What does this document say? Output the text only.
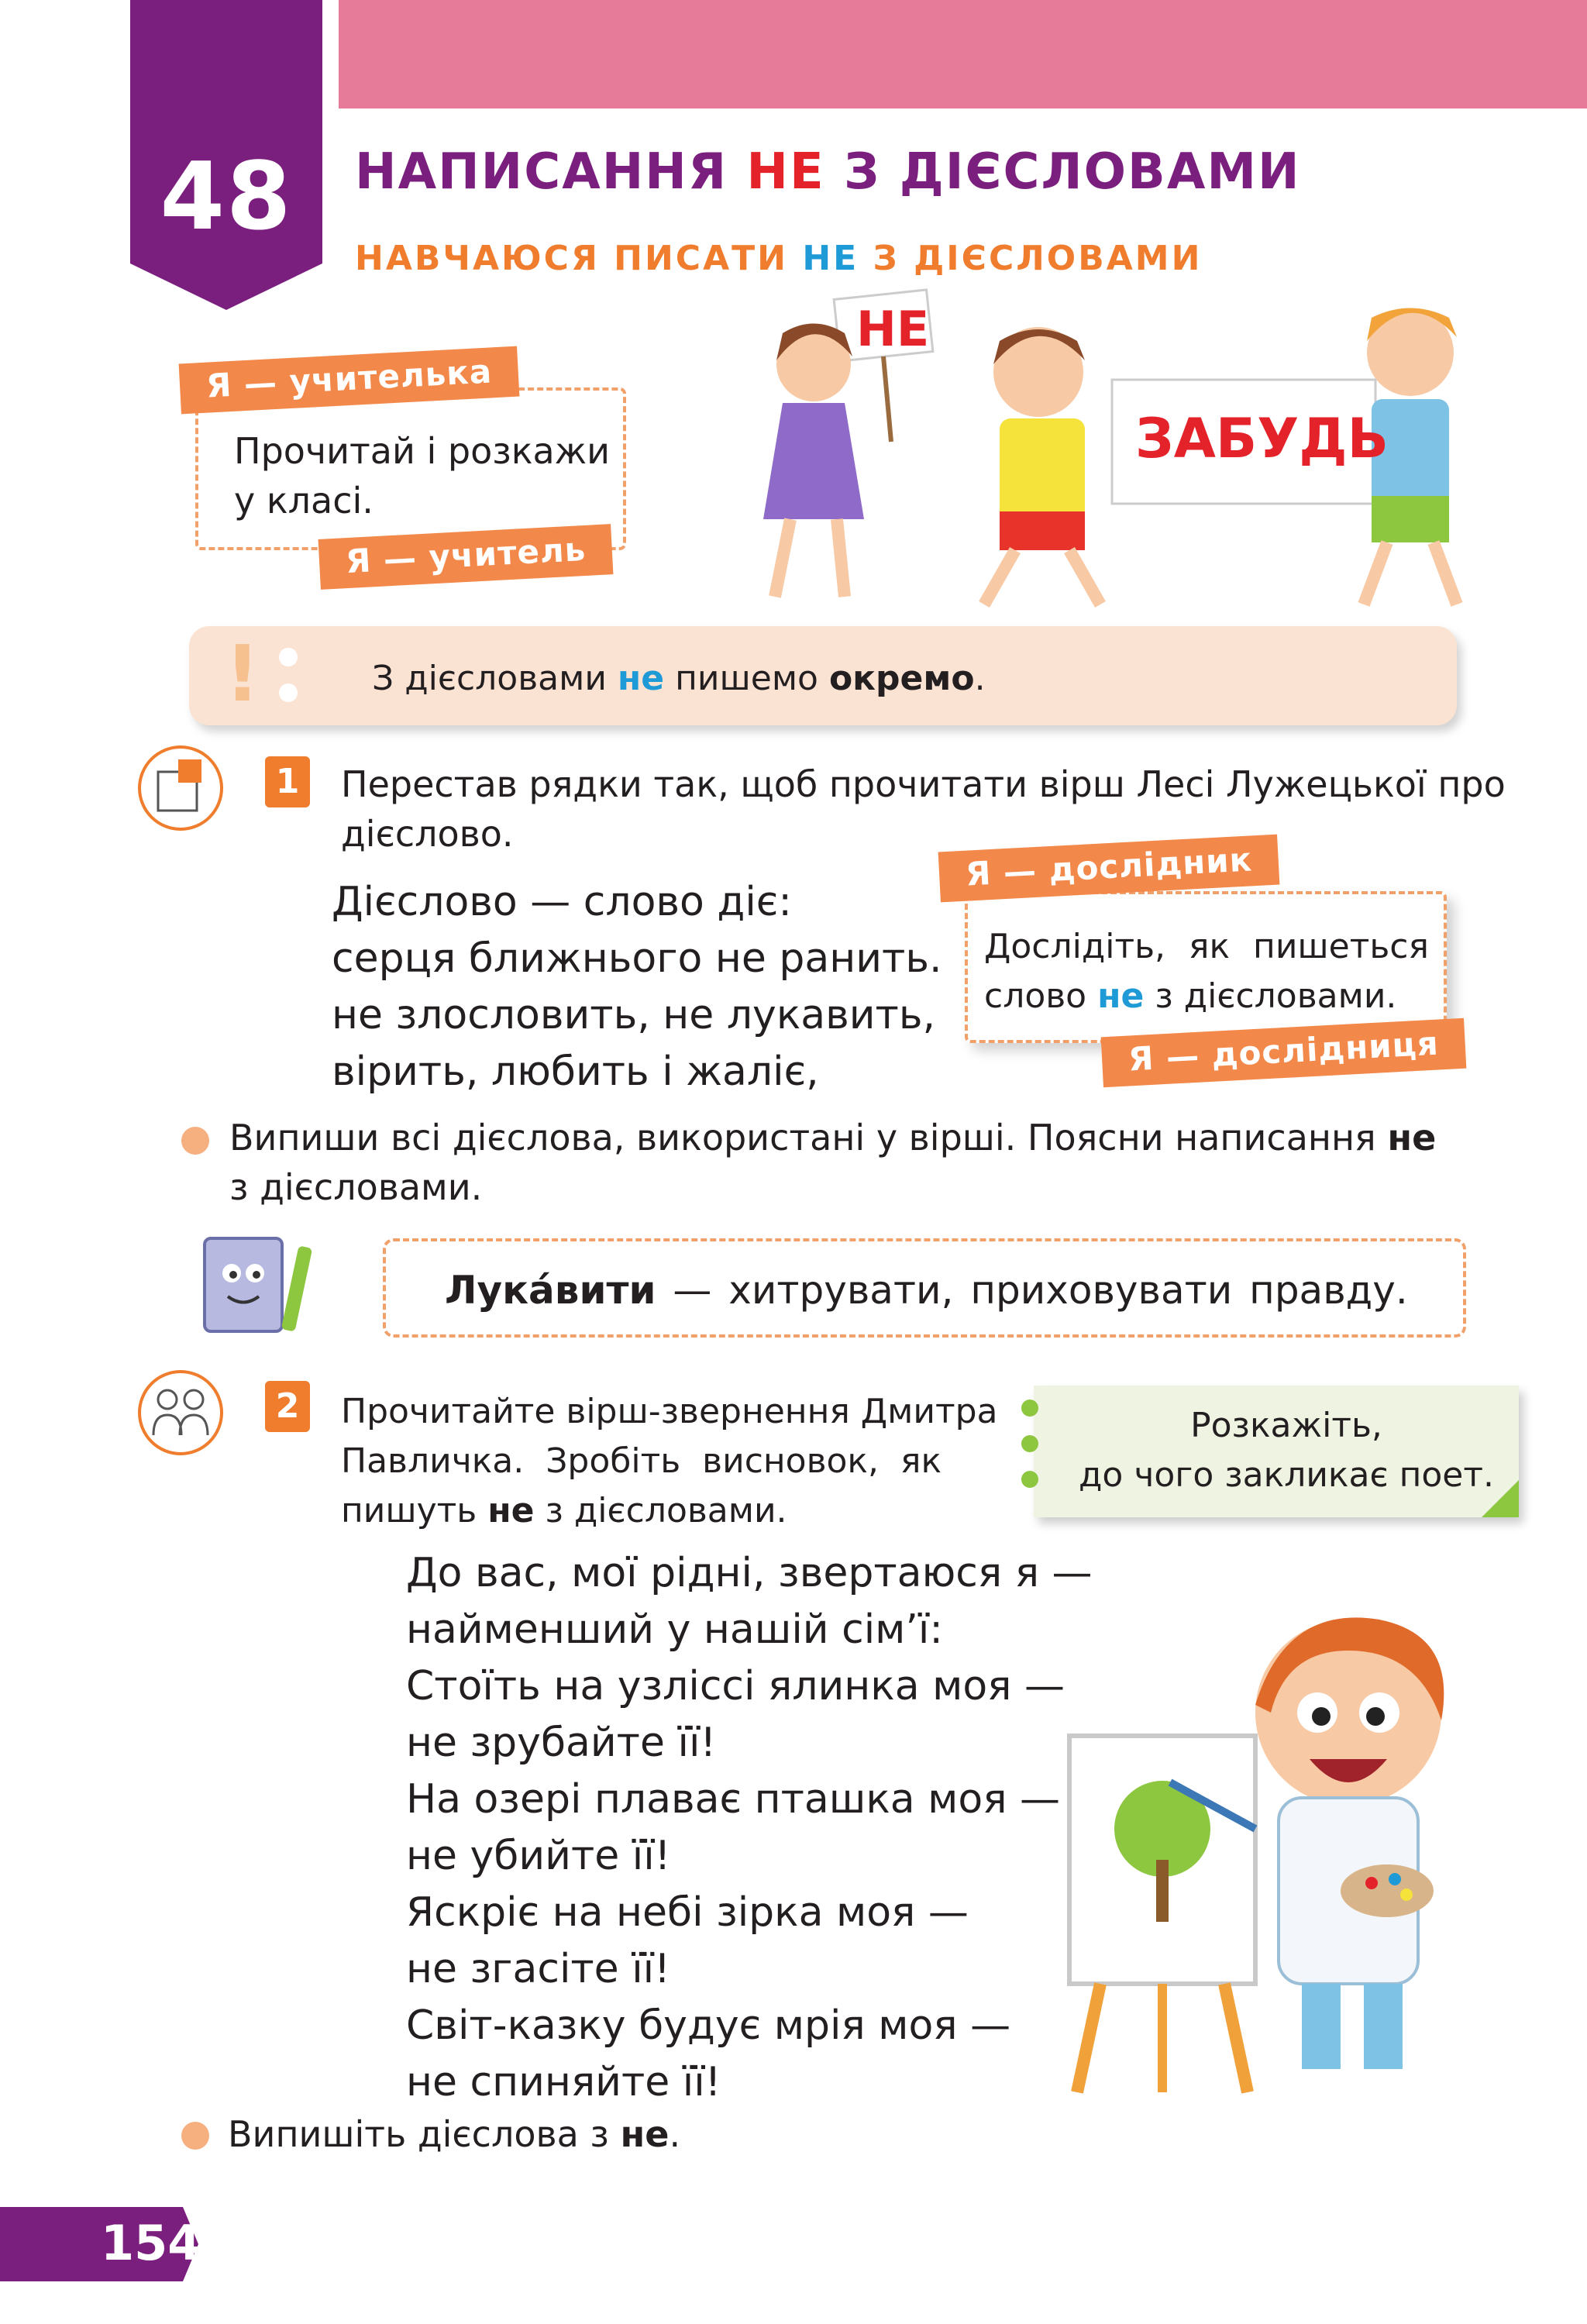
48	НАПИСАННЯ НЕ З ДІЄСЛОВАМИ
НАВЧАЮСЯ ПИСАТИ НЕ З ДІЄСЛОВАМИ
Я — учителька
Прочитай і розкажи
у класі.
Я — учитель
НЕ
ЗАБУДЬ
!	З дієсловами не пишемо окремо.
1 Перестав рядки так, щоб прочитати вірш Лесі Лужецької про
дієслово.
Дієслово — слово діє:
серця ближнього не ранить.
не злословить, не лукавить,
вірить, любить і жаліє,
Я — дослідник
Дослідіть, як пишеться
слово не з дієсловами.
Я — дослідниця
Випиши всі дієслова, використані у вірші. Поясни написання не
з дієсловами.
Лука́вити — хитрувати, приховувати правду.
2	Прочитайте вірш-звернення Дмитра
Павличка. Зробіть висновок, як
пишуть не з дієсловами.
Розкажіть,
до чого закликає поет.
До вас, мої рідні, звертаюся я —
найменший у нашій сім’ї:
Стоїть на узліссі ялинка моя —
не зрубайте її!
На озері плаває пташка моя —
не убийте її!
Яскріє на небі зірка моя —
не згасіте її!
Світ-казку будує мрія моя —
не спиняйте її!
Випишіть дієслова з не.
154
